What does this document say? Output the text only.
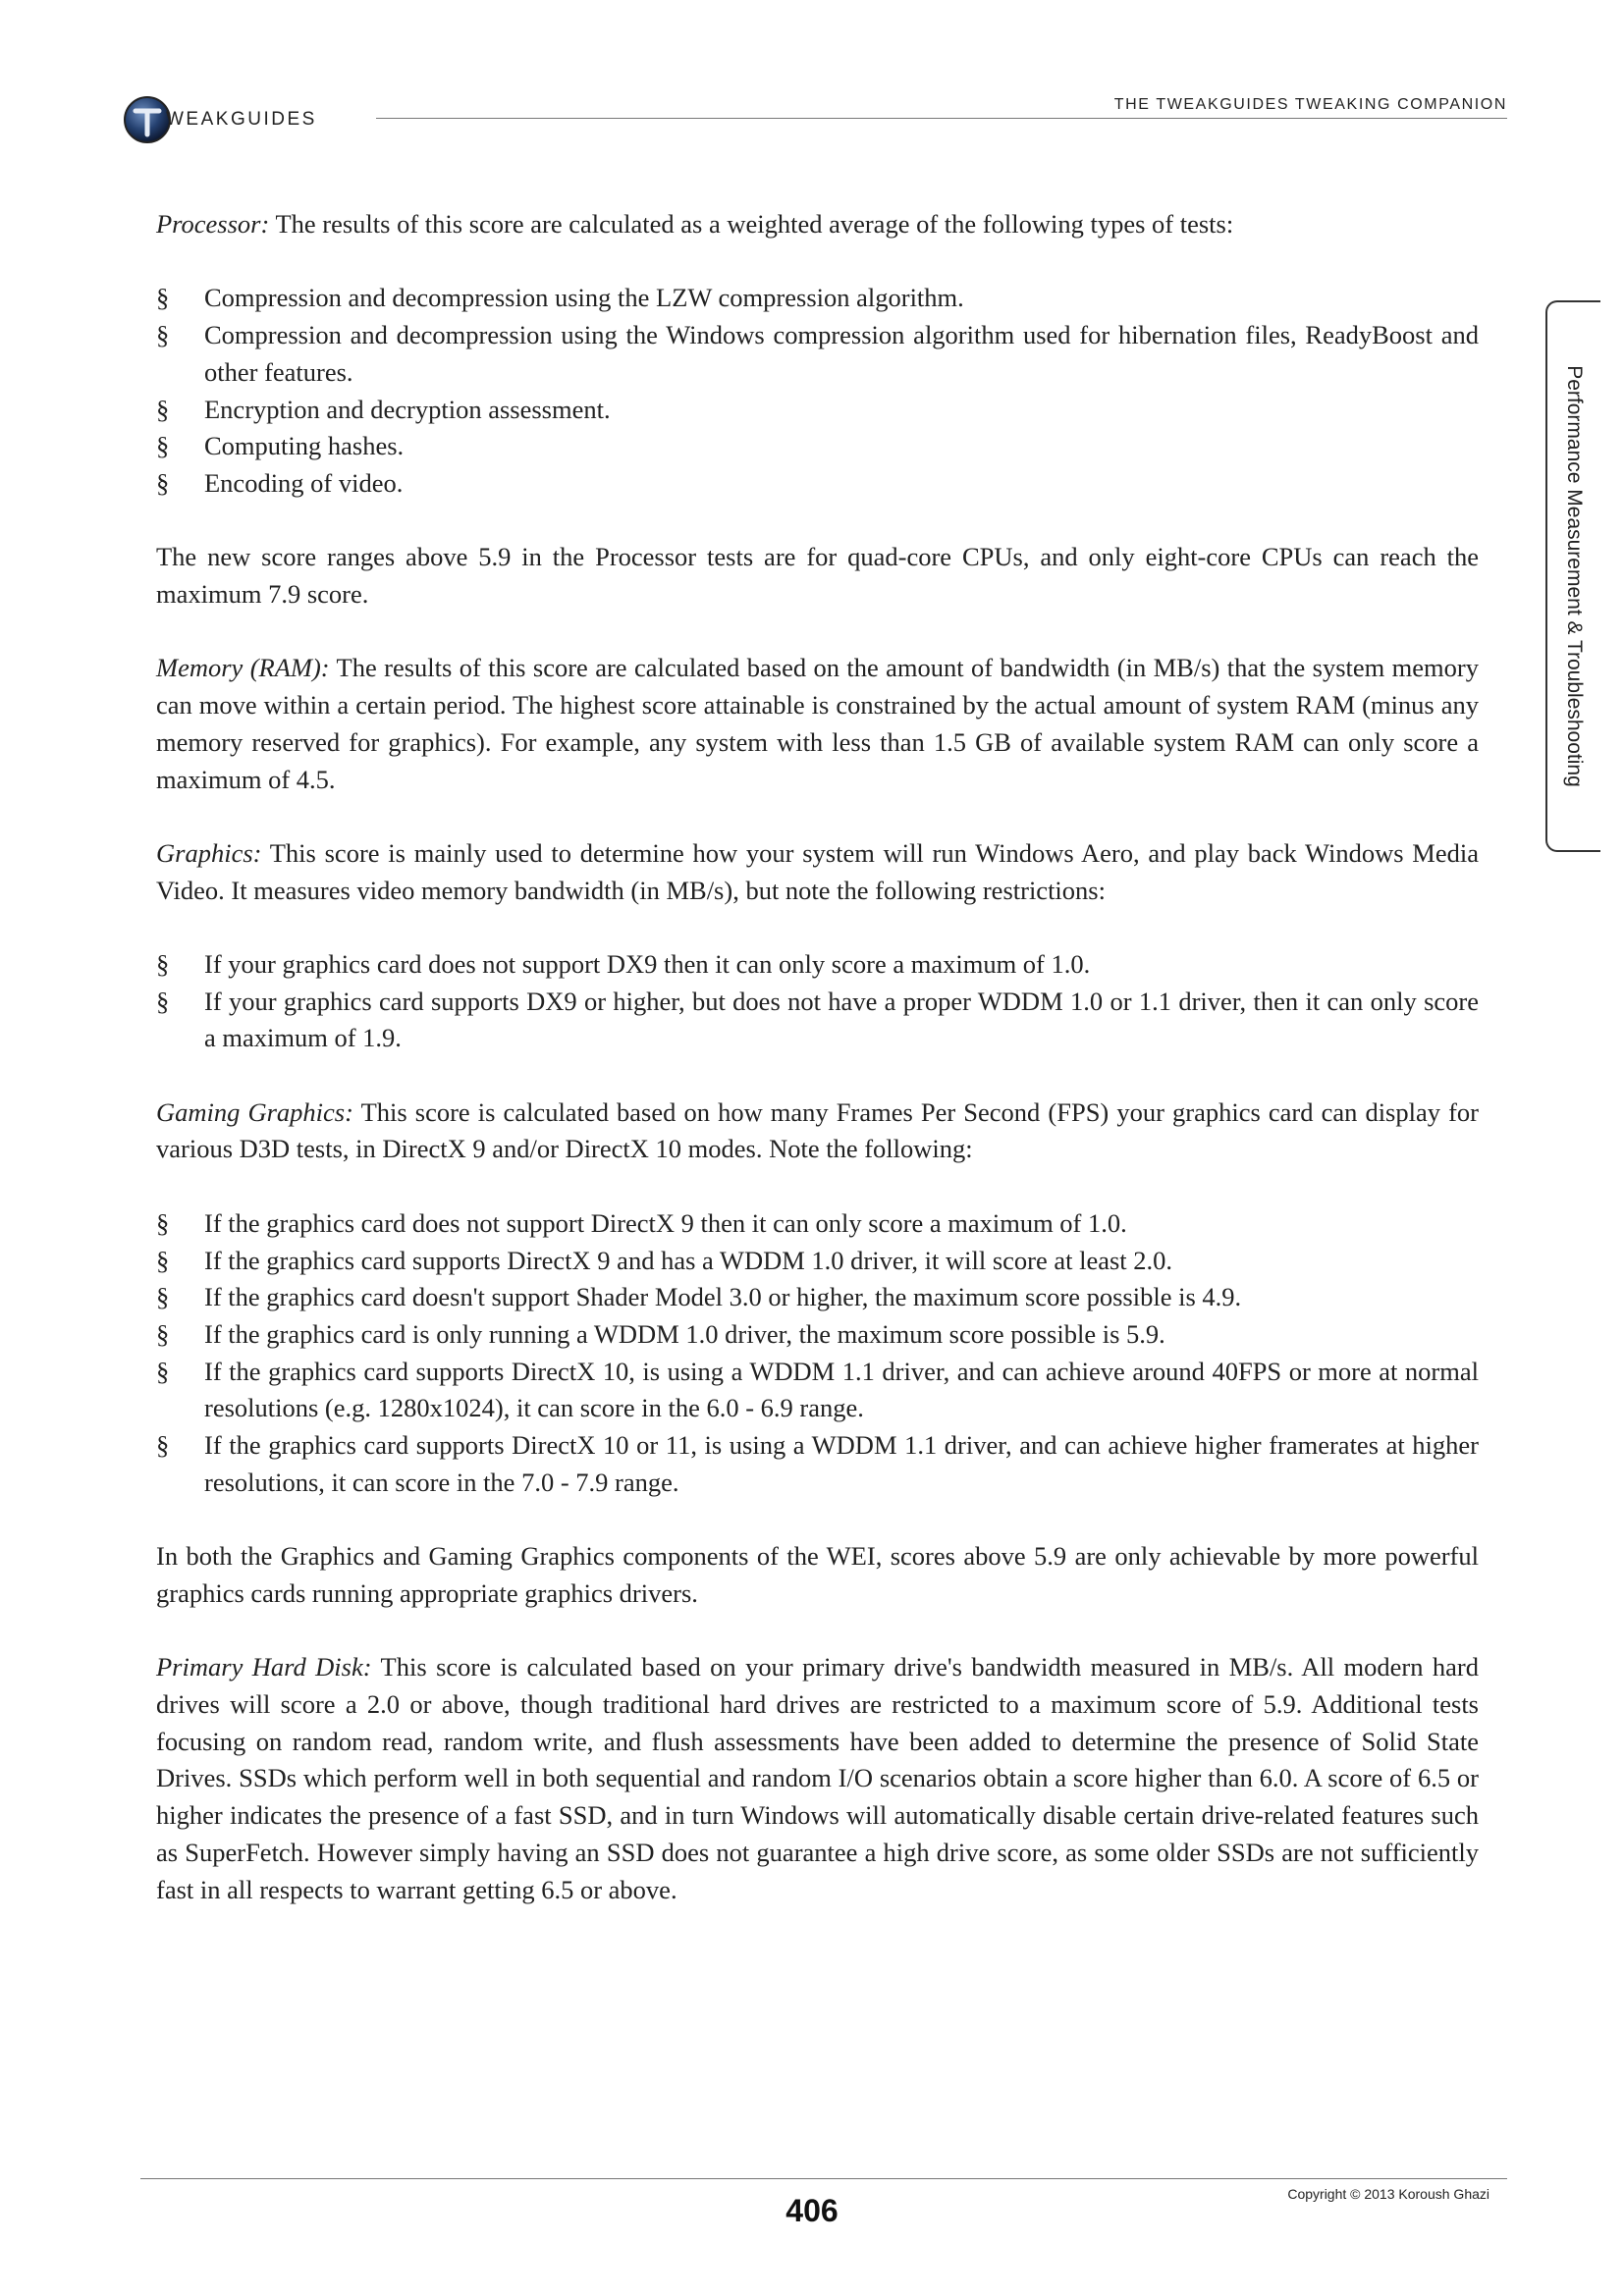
WEAKGUIDES
THE TWEAKGUIDES TWEAKING COMPANION
Performance Measurement & Troubleshooting

Processor: The results of this score are calculated as a weighted average of the following types of tests:

§ Compression and decompression using the LZW compression algorithm.
§ Compression and decompression using the Windows compression algorithm used for hibernation files, ReadyBoost and other features.
§ Encryption and decryption assessment.
§ Computing hashes.
§ Encoding of video.

The new score ranges above 5.9 in the Processor tests are for quad-core CPUs, and only eight-core CPUs can reach the maximum 7.9 score.

Memory (RAM): The results of this score are calculated based on the amount of bandwidth (in MB/s) that the system memory can move within a certain period. The highest score attainable is constrained by the actual amount of system RAM (minus any memory reserved for graphics). For example, any system with less than 1.5 GB of available system RAM can only score a maximum of 4.5.

Graphics: This score is mainly used to determine how your system will run Windows Aero, and play back Windows Media Video. It measures video memory bandwidth (in MB/s), but note the following restrictions:

§ If your graphics card does not support DX9 then it can only score a maximum of 1.0.
§ If your graphics card supports DX9 or higher, but does not have a proper WDDM 1.0 or 1.1 driver, then it can only score a maximum of 1.9.

Gaming Graphics: This score is calculated based on how many Frames Per Second (FPS) your graphics card can display for various D3D tests, in DirectX 9 and/or DirectX 10 modes. Note the following:

§ If the graphics card does not support DirectX 9 then it can only score a maximum of 1.0.
§ If the graphics card supports DirectX 9 and has a WDDM 1.0 driver, it will score at least 2.0.
§ If the graphics card doesn't support Shader Model 3.0 or higher, the maximum score possible is 4.9.
§ If the graphics card is only running a WDDM 1.0 driver, the maximum score possible is 5.9.
§ If the graphics card supports DirectX 10, is using a WDDM 1.1 driver, and can achieve around 40FPS or more at normal resolutions (e.g. 1280x1024), it can score in the 6.0 - 6.9 range.
§ If the graphics card supports DirectX 10 or 11, is using a WDDM 1.1 driver, and can achieve higher framerates at higher resolutions, it can score in the 7.0 - 7.9 range.

In both the Graphics and Gaming Graphics components of the WEI, scores above 5.9 are only achievable by more powerful graphics cards running appropriate graphics drivers.

Primary Hard Disk: This score is calculated based on your primary drive's bandwidth measured in MB/s. All modern hard drives will score a 2.0 or above, though traditional hard drives are restricted to a maximum score of 5.9. Additional tests focusing on random read, random write, and flush assessments have been added to determine the presence of Solid State Drives. SSDs which perform well in both sequential and random I/O scenarios obtain a score higher than 6.0. A score of 6.5 or higher indicates the presence of a fast SSD, and in turn Windows will automatically disable certain drive-related features such as SuperFetch. However simply having an SSD does not guarantee a high drive score, as some older SSDs are not sufficiently fast in all respects to warrant getting 6.5 or above.

Copyright © 2013 Koroush Ghazi
406
